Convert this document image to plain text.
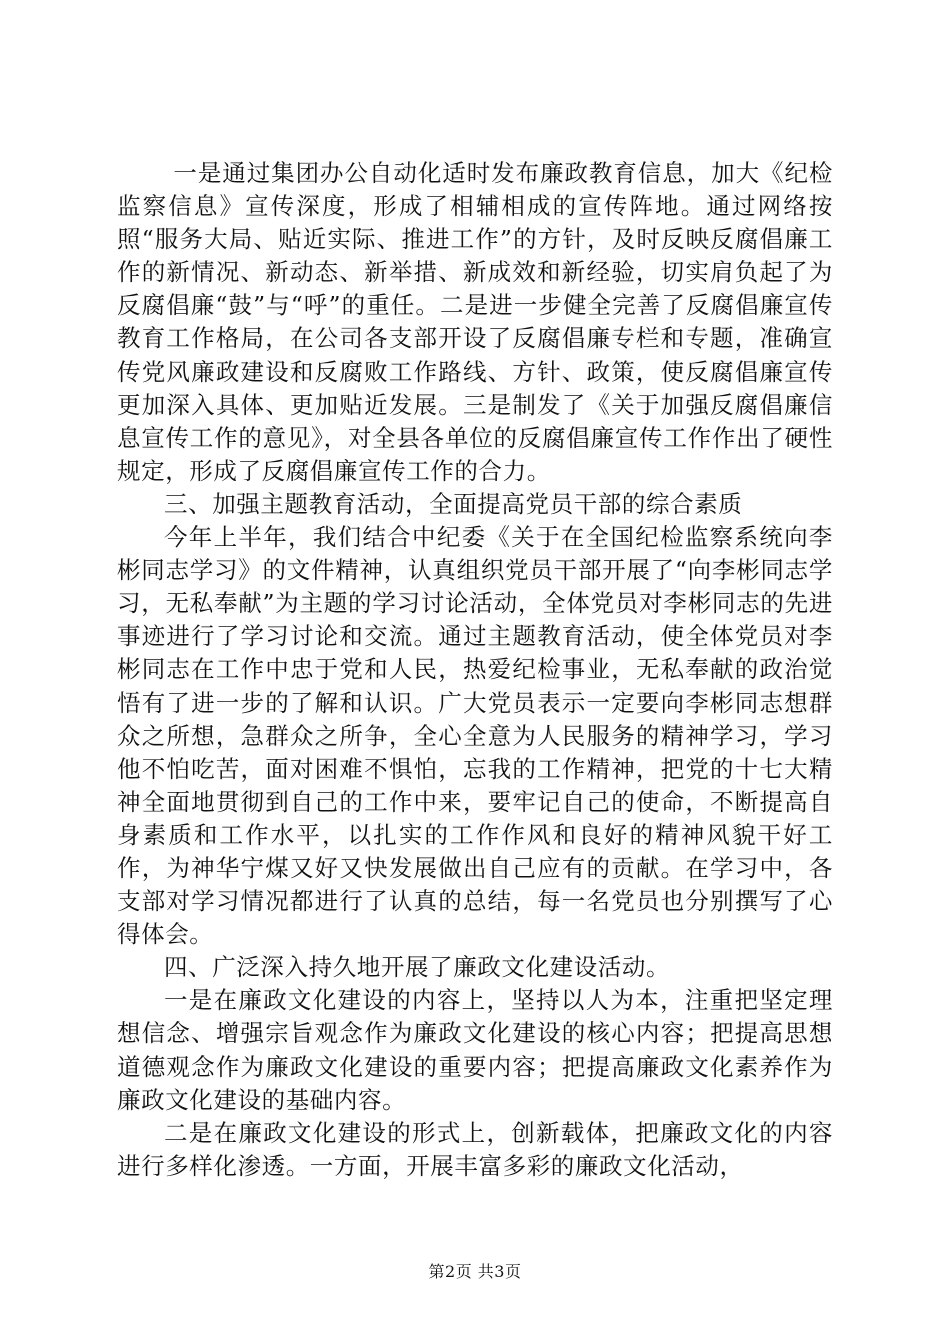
一是通过集团办公自动化适时发布廉政教育信息，加大《纪检监察信息》宣传深度，形成了相辅相成的宣传阵地。通过网络按照“服务大局、贴近实际、推进工作”的方针，及时反映反腐倡廉工作的新情况、新动态、新举措、新成效和新经验，切实肩负起了为反腐倡廉“鼓”与“呼”的重任。二是进一步健全完善了反腐倡廉宣传教育工作格局，在公司各支部开设了反腐倡廉专栏和专题，准确宣传党风廉政建设和反腐败工作路线、方针、政策，使反腐倡廉宣传更加深入具体、更加贴近发展。三是制发了《关于加强反腐倡廉信息宣传工作的意见》，对全县各单位的反腐倡廉宣传工作作出了硬性规定，形成了反腐倡廉宣传工作的合力。

三、加强主题教育活动，全面提高党员干部的综合素质

今年上半年，我们结合中纪委《关于在全国纪检监察系统向李彬同志学习》的文件精神，认真组织党员干部开展了“向李彬同志学习，无私奉献”为主题的学习讨论活动，全体党员对李彬同志的先进事迹进行了学习讨论和交流。通过主题教育活动，使全体党员对李彬同志在工作中忠于党和人民，热爱纪检事业，无私奉献的政治觉悟有了进一步的了解和认识。广大党员表示一定要向李彬同志想群众之所想，急群众之所争，全心全意为人民服务的精神学习，学习他不怕吃苦，面对困难不惧怕，忘我的工作精神，把党的十七大精神全面地贯彻到自己的工作中来，要牢记自己的使命，不断提高自身素质和工作水平，以扎实的工作作风和良好的精神风貌干好工作，为神华宁煤又好又快发展做出自己应有的贡献。在学习中，各支部对学习情况都进行了认真的总结，每一名党员也分别撰写了心得体会。

四、广泛深入持久地开展了廉政文化建设活动。

一是在廉政文化建设的内容上，坚持以人为本，注重把坚定理想信念、增强宗旨观念作为廉政文化建设的核心内容；把提高思想道德观念作为廉政文化建设的重要内容；把提高廉政文化素养作为廉政文化建设的基础内容。

二是在廉政文化建设的形式上，创新载体，把廉政文化的内容进行多样化渗透。一方面，开展丰富多彩的廉政文化活动，

第2页 共3页
